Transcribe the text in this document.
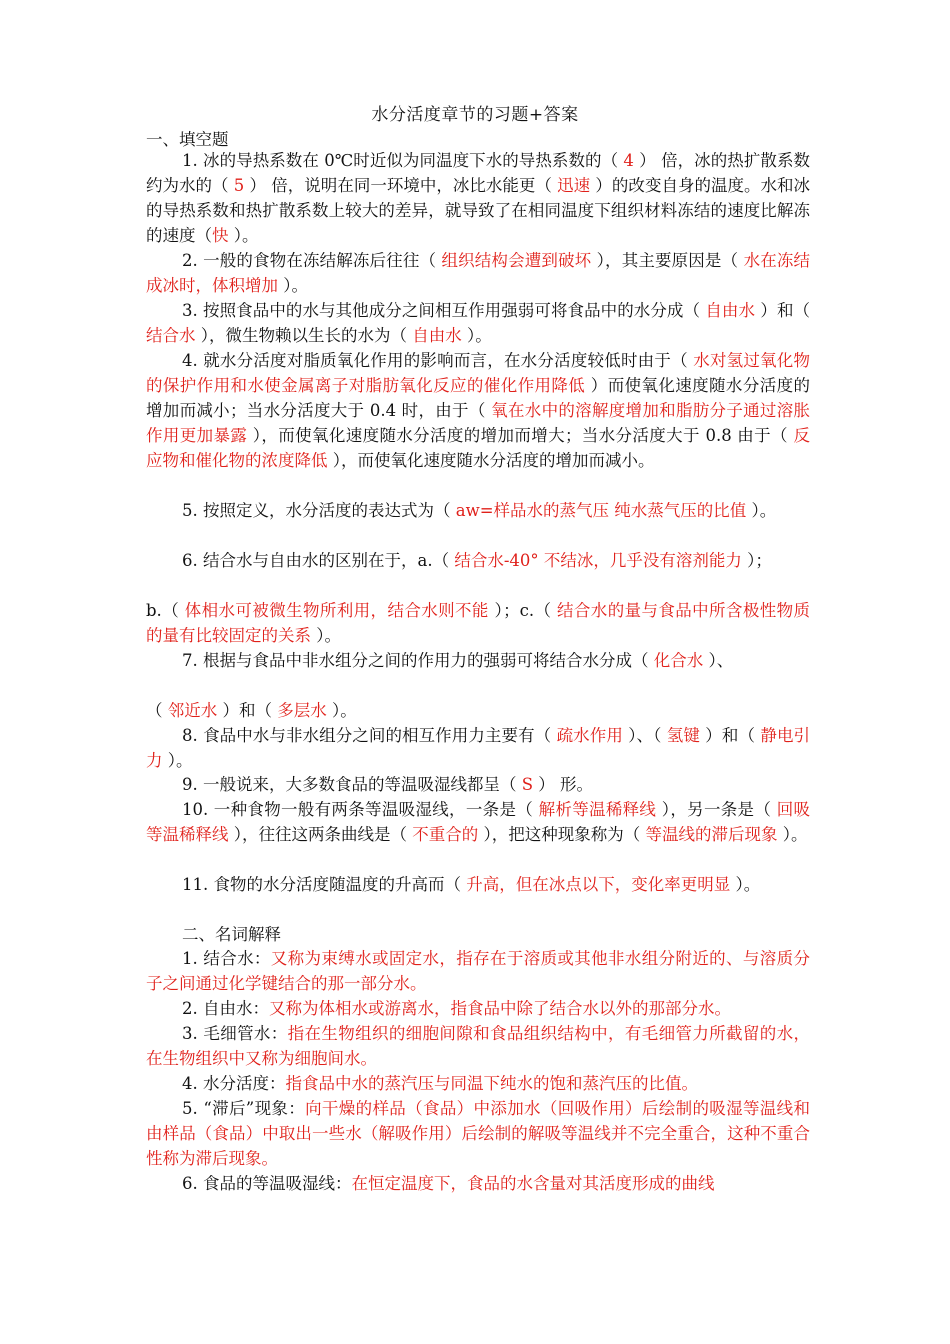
水分活度章节的习题+答案
一、填空题
1. 冰的导热系数在 0℃时近似为同温度下水的导热系数的（ 4 ） 倍，冰的热扩散系数约为水的（ 5 ） 倍，说明在同一环境中，冰比水能更（ 迅速 ）的改变自身的温度。水和冰的导热系数和热扩散系数上较大的差异，就导致了在相同温度下组织材料冻结的速度比解冻的速度（快 ）。
2. 一般的食物在冻结解冻后往往（ 组织结构会遭到破坏 ），其主要原因是（ 水在冻结成冰时，体积增加 ）。
3. 按照食品中的水与其他成分之间相互作用强弱可将食品中的水分成（ 自由水 ）和（ 结合水 ），微生物赖以生长的水为（ 自由水 ）。
4. 就水分活度对脂质氧化作用的影响而言，在水分活度较低时由于（ 水对氢过氧化物的保护作用和水使金属离子对脂肪氧化反应的催化作用降低 ）而使氧化速度随水分活度的增加而减小；当水分活度大于 0.4 时，由于（ 氧在水中的溶解度增加和脂肪分子通过溶胀作用更加暴露 ），而使氧化速度随水分活度的增加而增大；当水分活度大于 0.8 由于（ 反应物和催化物的浓度降低 ），而使氧化速度随水分活度的增加而减小。
5. 按照定义，水分活度的表达式为（ aw=样品水的蒸气压 纯水蒸气压的比值 ）。
6. 结合水与自由水的区别在于，a.（ 结合水-40° 不结冰，几乎没有溶剂能力 ）；
b.（ 体相水可被微生物所利用，结合水则不能 ）；c.（ 结合水的量与食品中所含极性物质的量有比较固定的关系 ）。
7. 根据与食品中非水组分之间的作用力的强弱可将结合水分成（ 化合水 ）、
（ 邻近水 ）和（ 多层水 ）。
8. 食品中水与非水组分之间的相互作用力主要有（ 疏水作用 ）、（ 氢键 ）和（ 静电引力 ）。
9. 一般说来，大多数食品的等温吸湿线都呈（ S ） 形。
10. 一种食物一般有两条等温吸湿线，一条是（ 解析等温稀释线 ），另一条是（ 回吸等温稀释线 ），往往这两条曲线是（ 不重合的 ），把这种现象称为（ 等温线的滞后现象 ）。
11. 食物的水分活度随温度的升高而（ 升高，但在冰点以下，变化率更明显 ）。
二、名词解释
1. 结合水：又称为束缚水或固定水，指存在于溶质或其他非水组分附近的、与溶质分子之间通过化学键结合的那一部分水。
2. 自由水：又称为体相水或游离水，指食品中除了结合水以外的那部分水。
3. 毛细管水：指在生物组织的细胞间隙和食品组织结构中，有毛细管力所截留的水，在生物组织中又称为细胞间水。
4. 水分活度：指食品中水的蒸汽压与同温下纯水的饱和蒸汽压的比值。
5. “滞后”现象：向干燥的样品（食品）中添加水（回吸作用）后绘制的吸湿等温线和由样品（食品）中取出一些水（解吸作用）后绘制的解吸等温线并不完全重合，这种不重合性称为滞后现象。
6. 食品的等温吸湿线：在恒定温度下，食品的水含量对其活度形成的曲线
